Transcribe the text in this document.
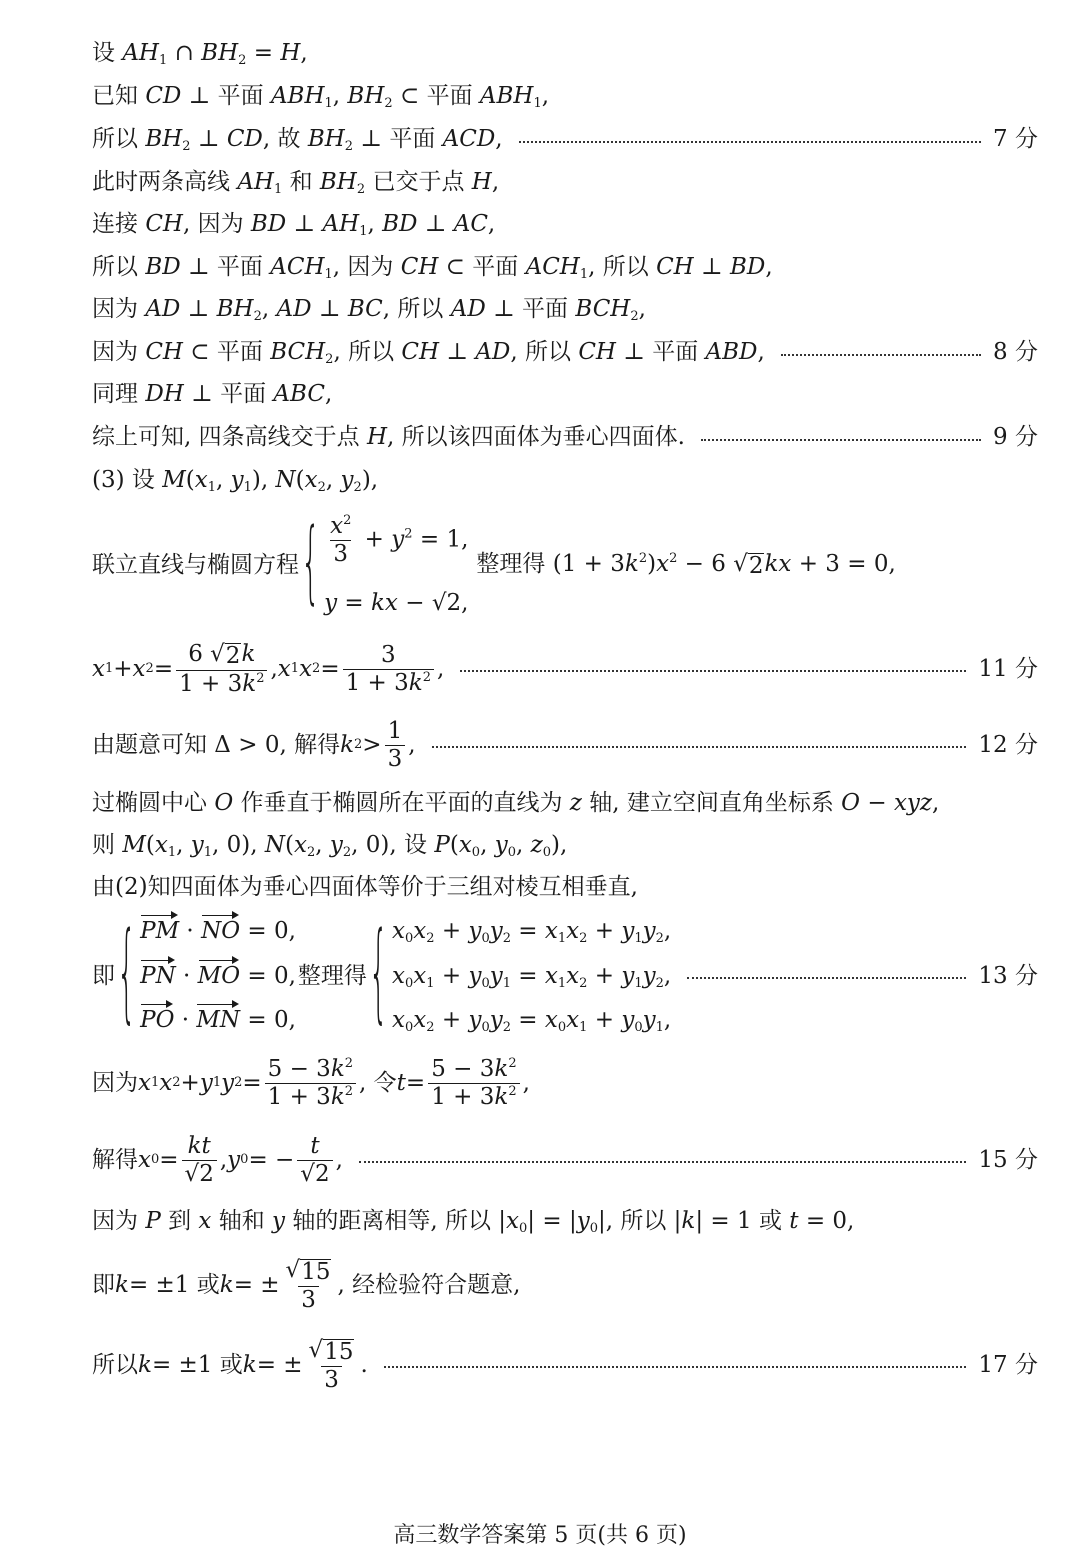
设 $AH_1$ ∩ $BH_2 = H$,
已知 CD ⊥ 平面 $ABH_1$, $BH_2$ ⊂ 平面 $ABH_1$,
所以 $BH_2$ ⊥ CD, 故 $BH_2$ ⊥ 平面 ACD,	7 分
此时两条高线 $AH_1$ 和 $BH_2$ 已交于点 H,
连接 CH, 因为 BD ⊥ $AH_1$, BD ⊥ AC,
所以 BD ⊥ 平面 $ACH_1$, 因为 CH ⊂ 平面 $ACH_1$, 所以 CH ⊥ BD,
因为 AD ⊥ $BH_2$, AD ⊥ BC, 所以 AD ⊥ 平面 $BCH_2$,
因为 CH ⊂ 平面 $BCH_2$, 所以 CH ⊥ AD, 所以 CH ⊥ 平面 ABD,	8 分
同理 DH ⊥ 平面 ABC,
综上可知, 四条高线交于点 H, 所以该四面体为垂心四面体.	9 分
(3) 设 $M(x_1$, $y_1$), $N(x_2$, $y_2$),
联立直线与椭圆方程 { $\frac{x^2}{3} + y^2 = 1$,
y = kx − √2,
整理得 $(1 + 3k^2)x^2 - 6$ √ 2 kx + 3 = 0,
x 1 + x $2 = \frac{6 √ 2 k}{1 + 3k^2}$ , x 1 x $2 = \frac{3}{1 + 3k^2}$ ,	11 分
由题意可知 Δ > 0, 解得 k $2 > \frac{1}{3}$ ,	12 分
过椭圆中心 O 作垂直于椭圆所在平面的直线为 z 轴, 建立空间直角坐标系 O − xyz,
则 $M(x_1$, $y_1$, 0), $N(x_2$, $y_2$, 0), 设 $P(x_0$, $y_0$, $z_0$),
由(2)知四面体为垂心四面体等价于三组对棱互相垂直,
即 { PM · NO = 0,
PN · MO = 0,
PO · MN = 0,
整理得 { $x_0x_2 + y_0y_2 = x_1x_2 + y_1y_2$,
$x_0x_1 + y_0y_1 = x_1x_2 + y_1y_2$,
$x_0x_2 + y_0y_2 = x_0x_1 + y_0y_1$,
13 分
因为 x 1 x 2 + y 1 y $2 = \frac{5 - 3k^2}{1 + 3k^2}$ , 令 $t = \frac{5 - 3k^2}{1 + 3k^2}$ ,
解得 x $0 = \frac{kt}{√2}$ , y 0 = − $\frac{t}{√2}$ ,	15 分
因为 P 到 x 轴和 y 轴的距离相等, 所以 $|x_0| = |y_0|$, 所以 |k| = 1 或 t = 0,
即 k = ±1 或 k = ± $\frac{√ 15}{3}$ , 经检验符合题意,
所以 k = ±1 或 k = ± $\frac{√ 15}{3}$ .	17 分
高三数学答案第 5 页(共 6 页)
